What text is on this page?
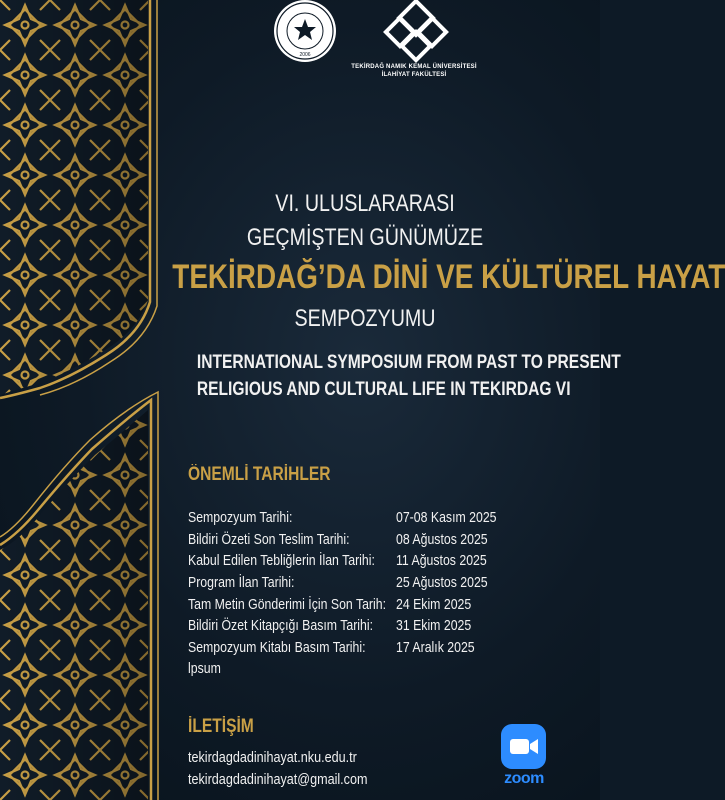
2006
TEKİRDAĞ NAMIK KEMAL ÜNİVERSİTESİ
İLAHİYAT FAKÜLTESİ
VI. ULUSLARARASI
GEÇMİŞTEN GÜNÜMÜZE
TEKİRDAĞ’DA DİNİ VE KÜLTÜREL HAYAT
SEMPOZYUMU
INTERNATIONAL SYMPOSIUM FROM PAST TO PRESENT
RELIGIOUS AND CULTURAL LIFE IN TEKIRDAG VI
ÖNEMLİ TARİHLER
Sempozyum Tarihi:	07-08 Kasım 2025
Bildiri Özeti Son Teslim Tarihi:	08 Ağustos 2025
Kabul Edilen Tebliğlerin İlan Tarihi: 11 Ağustos 2025
Program İlan Tarihi:	25 Ağustos 2025
Tam Metin Gönderimi İçin Son Tarih: 24 Ekim 2025
Bildiri Özet Kitapçığı Basım Tarihi: 31 Ekim 2025
Sempozyum Kitabı Basım Tarihi: 17 Aralık 2025
lpsum
İLETİŞİM
tekirdagdadinihayat.nku.edu.tr
tekirdagdadinihayat@gmail.com	zoom
